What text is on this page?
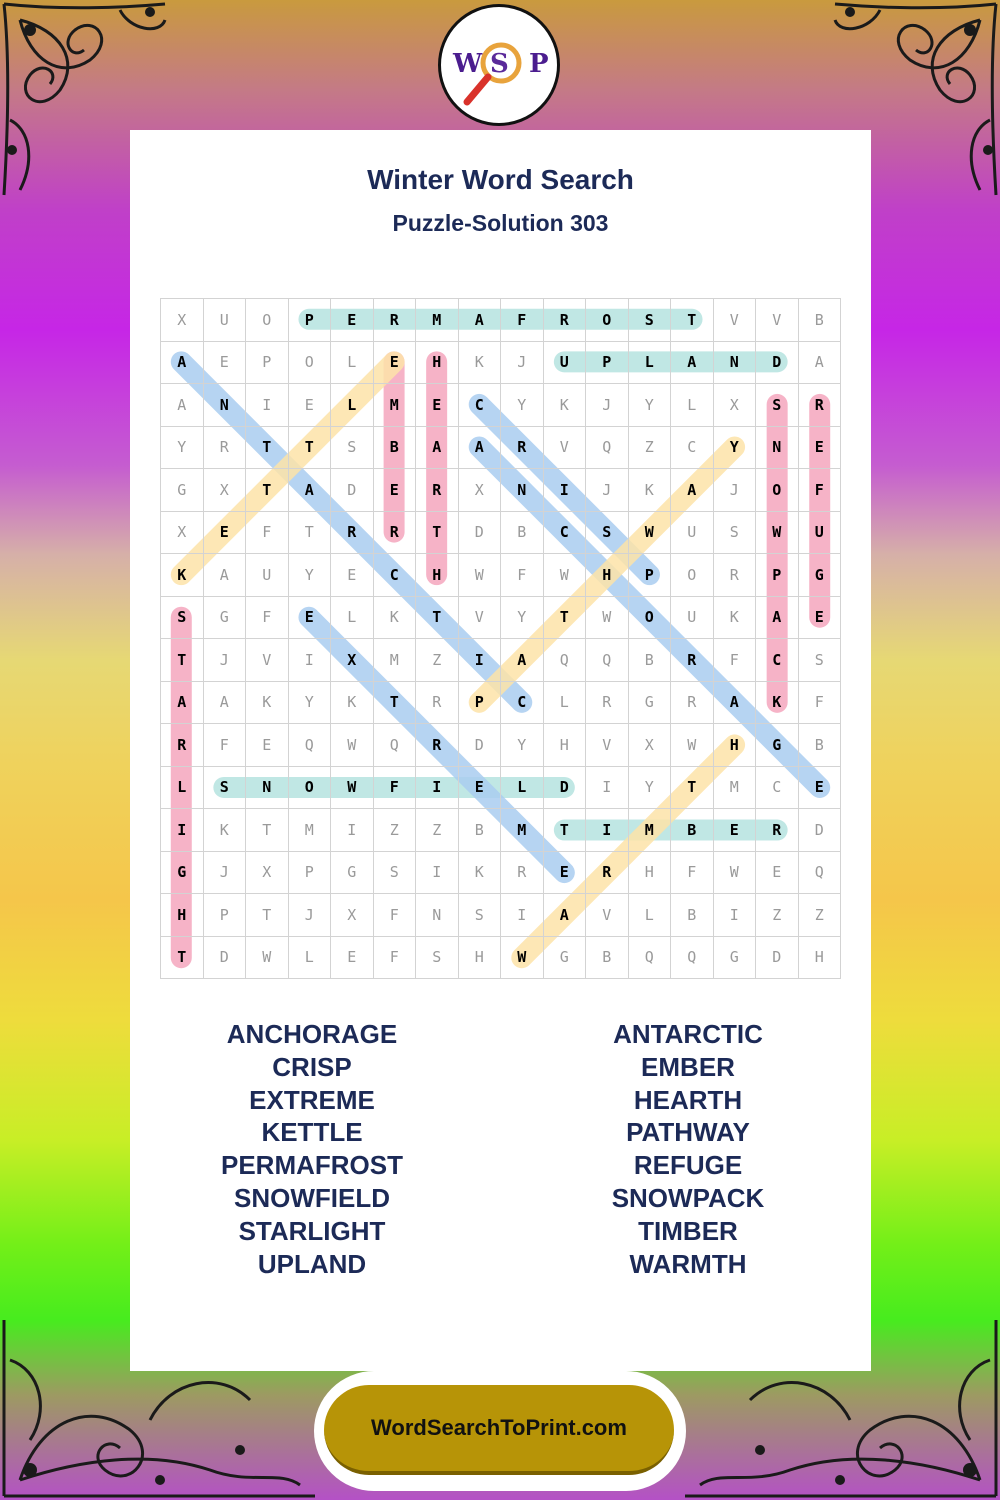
W S P
Winter Word Search
Puzzle-Solution 303
X	U	O	P	E	R	M	A	F	R	O	S	T	V	V	B
A	E	P	O	L	E	H	K	J	U	P	L	A	N	D	A
A	N	I	E	L	M	E	C	Y	K	J	Y	L	X	S	R
Y	R	T	T	S	B	A	A	R	V	Q	Z	C	Y	N	E
G	X	T	A	D	E	R	X	N	I	J	K	A	J	O	F
X	E	F	T	R	R	T	D	B	C	S	W	U	S	W	U
K	A	U	Y	E	C	H	W	F	W	H	P	O	R	P	G
S	G	F	E	L	K	T	V	Y	T	W	O	U	K	A	E
T	J	V	I	X	M	Z	I	A	Q	Q	B	R	F	C	S
A	A	K	Y	K	T	R	P	C	L	R	G	R	A	K	F
R	F	E	Q	W	Q	R	D	Y	H	V	X	W	H	G	B
L	S	N	O	W	F	I	E	L	D	I	Y	T	M	C	E
I	K	T	M	I	Z	Z	B	M	T	I	M	B	E	R	D
G	J	X	P	G	S	I	K	R	E	R	H	F	W	E	Q
H	P	T	J	X	F	N	S	I	A	V	L	B	I	Z	Z
T	D	W	L	E	F	S	H	W	G	B	Q	Q	G	D	H
ANCHORAGE
CRISP
EXTREME
KETTLE
PERMAFROST
SNOWFIELD
STARLIGHT
UPLAND
ANTARCTIC
EMBER
HEARTH
PATHWAY
REFUGE
SNOWPACK
TIMBER
WARMTH
WordSearchToPrint.com
